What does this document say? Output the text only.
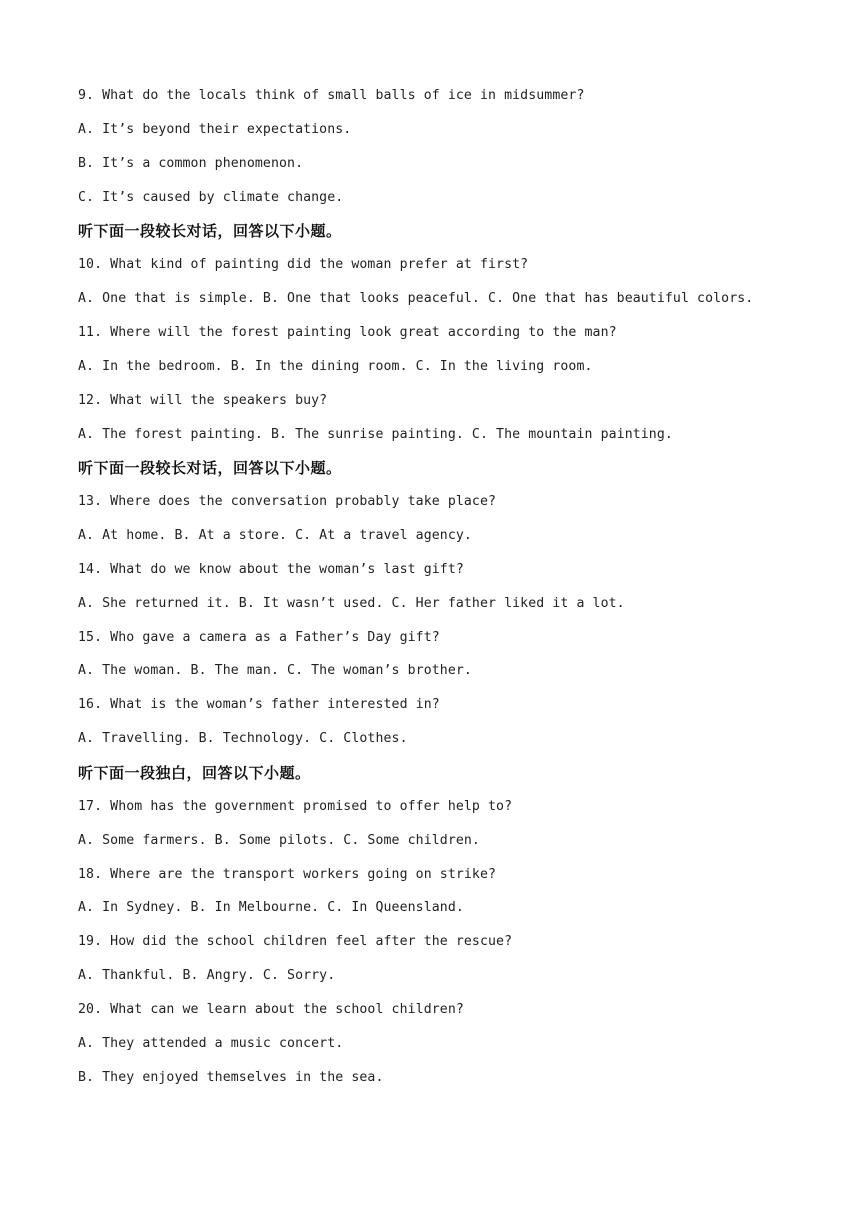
9. What do the locals think of small balls of ice in midsummer?
A. It’s beyond their expectations.
B. It’s a common phenomenon.
C. It’s caused by climate change.
听下面一段较长对话，回答以下小题。
10. What kind of painting did the woman prefer at first?
A. One that is simple. B. One that looks peaceful. C. One that has beautiful colors.
11. Where will the forest painting look great according to the man?
A. In the bedroom. B. In the dining room. C. In the living room.
12. What will the speakers buy?
A. The forest painting. B. The sunrise painting. C. The mountain painting.
听下面一段较长对话，回答以下小题。
13. Where does the conversation probably take place?
A. At home. B. At a store. C. At a travel agency.
14. What do we know about the woman’s last gift?
A. She returned it. B. It wasn’t used. C. Her father liked it a lot.
15. Who gave a camera as a Father’s Day gift?
A. The woman. B. The man. C. The woman’s brother.
16. What is the woman’s father interested in?
A. Travelling. B. Technology. C. Clothes.
听下面一段独白，回答以下小题。
17. Whom has the government promised to offer help to?
A. Some farmers. B. Some pilots. C. Some children.
18. Where are the transport workers going on strike?
A. In Sydney. B. In Melbourne. C. In Queensland.
19. How did the school children feel after the rescue?
A. Thankful. B. Angry. C. Sorry.
20. What can we learn about the school children?
A. They attended a music concert.
B. They enjoyed themselves in the sea.
